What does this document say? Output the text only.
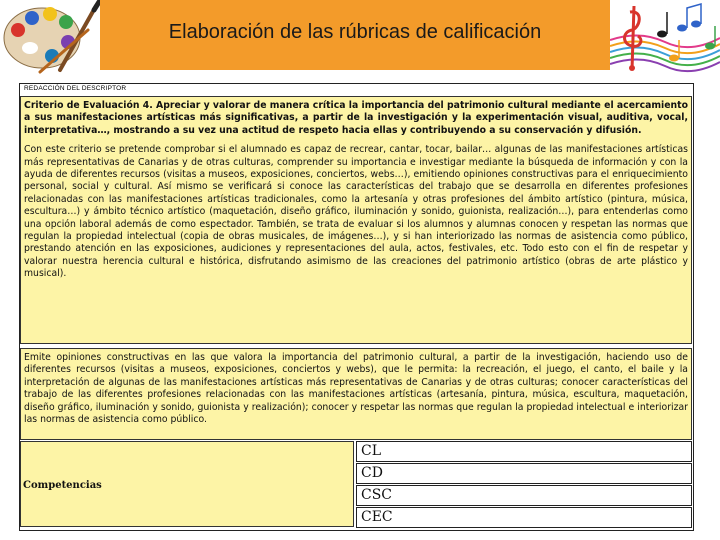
Elaboración de las rúbricas de calificación
REDACCIÓN DEL DESCRIPTOR

Criterio de Evaluación 4. Apreciar y valorar de manera crítica la importancia del patrimonio cultural mediante el acercamiento a sus manifestaciones artísticas más significativas, a partir de la investigación y la experimentación visual, auditiva, vocal, interpretativa…, mostrando a su vez una actitud de respeto hacia ellas y contribuyendo a su conservación y difusión.

Con este criterio se pretende comprobar si el alumnado es capaz de recrear, cantar, tocar, bailar… algunas de las manifestaciones artísticas más representativas de Canarias y de otras culturas, comprender su importancia e investigar mediante la búsqueda de información y con la ayuda de diferentes recursos (visitas a museos, exposiciones, conciertos, webs…), emitiendo opiniones constructivas para el enriquecimiento personal, social y cultural. Así mismo se verificará si conoce las características del trabajo que se desarrolla en diferentes profesiones relacionadas con las manifestaciones artísticas tradicionales, como la artesanía y otras profesiones del ámbito artístico (pintura, música, escultura…) y ámbito técnico artístico (maquetación, diseño gráfico, iluminación y sonido, guionista, realización…), para entenderlas como una opción laboral además de como espectador. También, se trata de evaluar si los alumnos y alumnas conocen y respetan las normas que regulan la propiedad intelectual (copia de obras musicales, de imágenes…), y si han interiorizado las normas de asistencia como público, prestando atención en las exposiciones, audiciones y representaciones del aula, actos, festivales, etc. Todo esto con el fin de respetar y valorar nuestra herencia cultural e histórica, disfrutando asimismo de las creaciones del patrimonio artístico (obras de arte plástico y musical).

Emite opiniones constructivas en las que valora la importancia del patrimonio cultural, a partir de la investigación, haciendo uso de diferentes recursos (visitas a museos, exposiciones, conciertos y webs), que le permita: la recreación, el juego, el canto, el baile y la interpretación de algunas de las manifestaciones artísticas más representativas de Canarias y de otras culturas; conocer características del trabajo de las diferentes profesiones relacionadas con las manifestaciones artísticas (artesanía, pintura, música, escultura, maquetación, diseño gráfico, iluminación y sonido, guionista y realización); conocer y respetar las normas que regulan la propiedad intelectual e interiorizar las normas de asistencia como público.

Competencias
CL
CD
CSC
CEC
